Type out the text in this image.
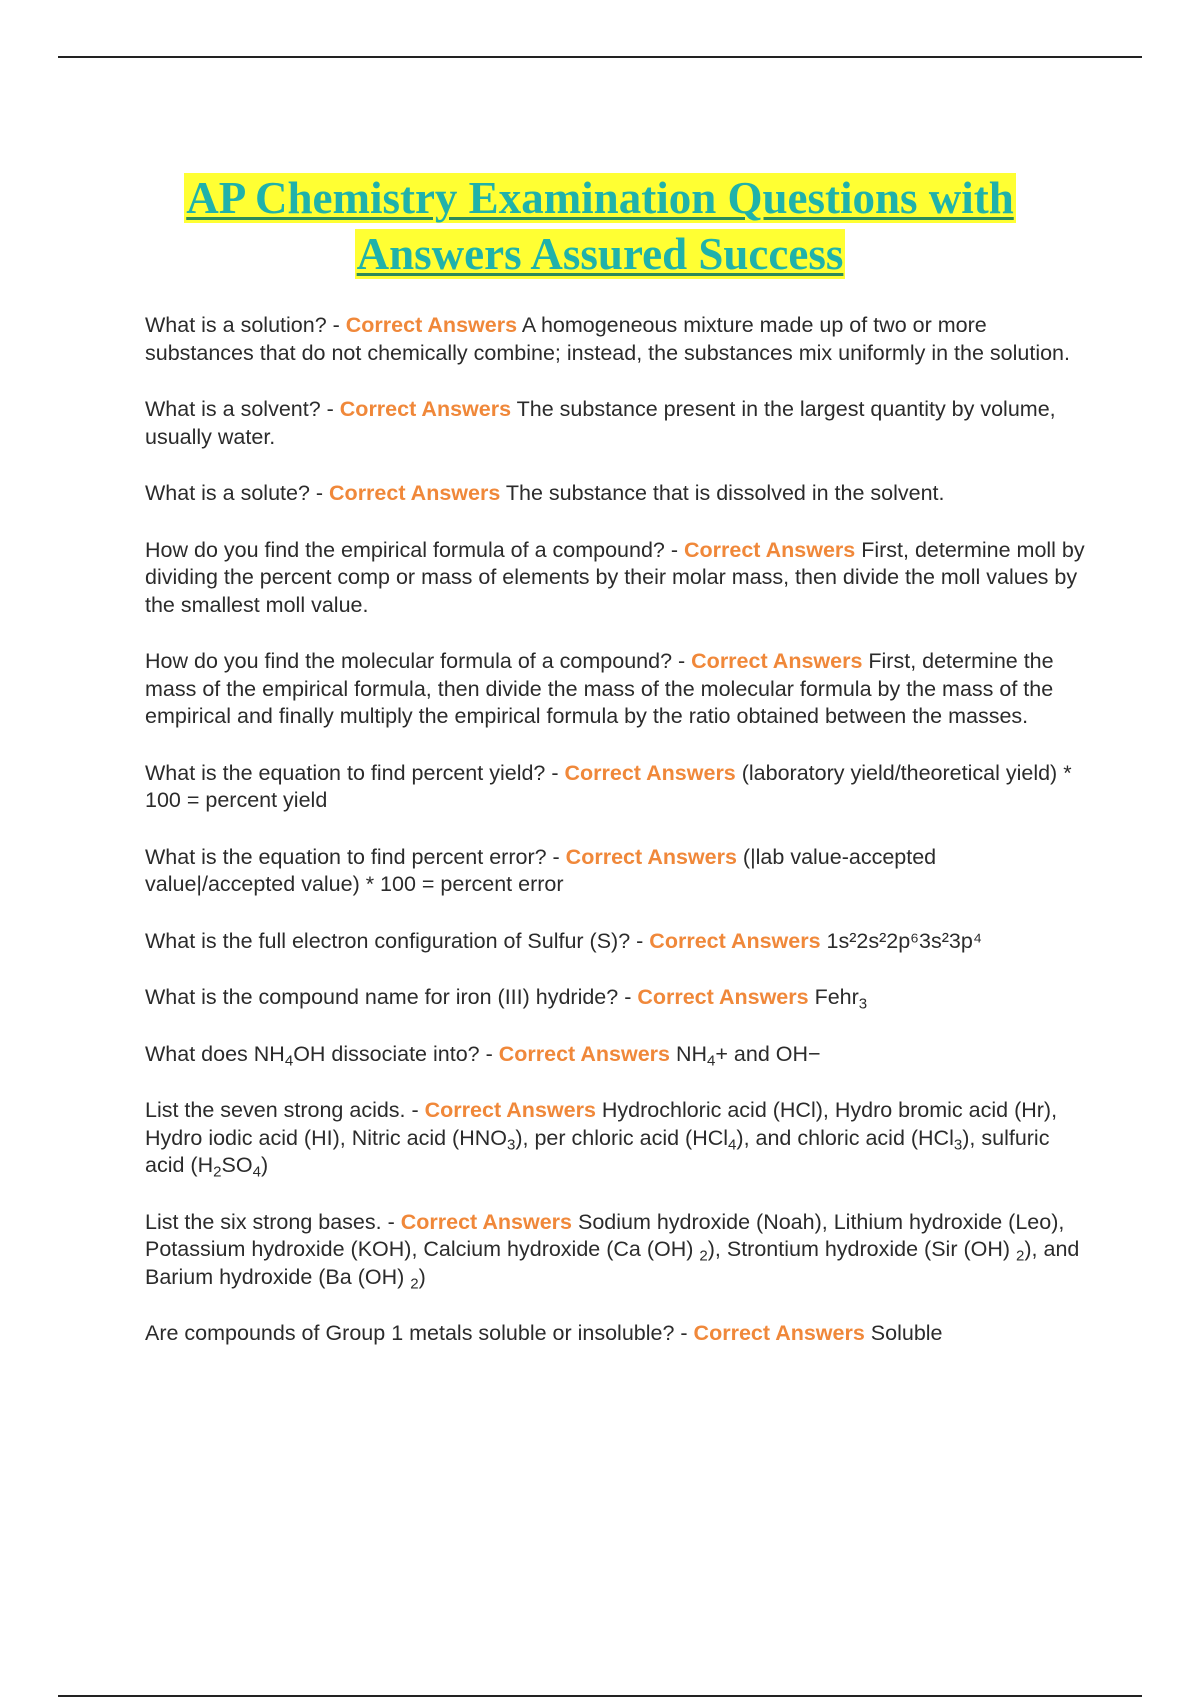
AP Chemistry Examination Questions with
Answers Assured Success
What is a solution? - Correct Answers A homogeneous mixture made up of two or more substances that do not chemically combine; instead, the substances mix uniformly in the solution.
What is a solvent? - Correct Answers The substance present in the largest quantity by volume, usually water.
What is a solute? - Correct Answers The substance that is dissolved in the solvent.
How do you find the empirical formula of a compound? - Correct Answers First, determine moll by dividing the percent comp or mass of elements by their molar mass, then divide the moll values by the smallest moll value.
How do you find the molecular formula of a compound? - Correct Answers First, determine the mass of the empirical formula, then divide the mass of the molecular formula by the mass of the empirical and finally multiply the empirical formula by the ratio obtained between the masses.
What is the equation to find percent yield? - Correct Answers (laboratory yield/theoretical yield) * 100 = percent yield
What is the equation to find percent error? - Correct Answers (|lab value-accepted value|/accepted value) * 100 = percent error
What is the full electron configuration of Sulfur (S)? - Correct Answers 1s²2s²2p⁶3s²3p⁴
What is the compound name for iron (III) hydride? - Correct Answers Fehr$_3$
What does $NH_4OH$ dissociate into? - Correct Answers $NH_4+$ and OH−
List the seven strong acids. - Correct Answers Hydrochloric acid (HCl), Hydro bromic acid (Hr), Hydro iodic acid (HI), Nitric acid $(HNO_3)$, per chloric acid (HCl$_4$), and chloric acid (HCl$_3$), sulfuric acid $(H_2SO_4)$
List the six strong bases. - Correct Answers Sodium hydroxide (Noah), Lithium hydroxide (Leo), Potassium hydroxide (KOH), Calcium hydroxide (Ca (OH) $_2$), Strontium hydroxide (Sir (OH) $_2$), and Barium hydroxide (Ba (OH) $_2$)
Are compounds of Group 1 metals soluble or insoluble? - Correct Answers Soluble
